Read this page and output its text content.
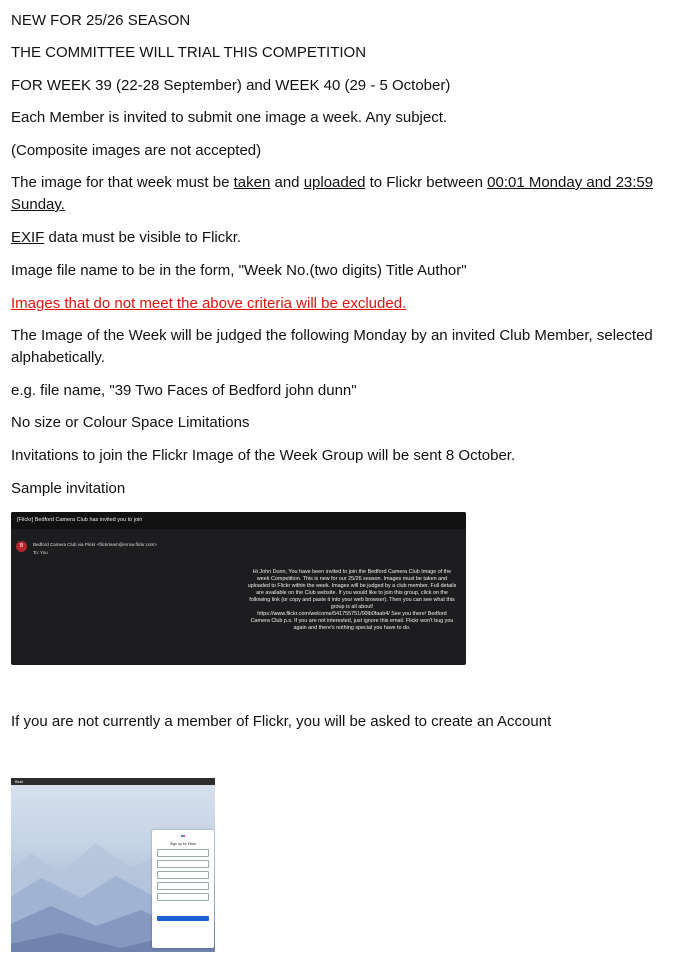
NEW FOR 25/26 SEASON

THE COMMITTEE WILL TRIAL THIS COMPETITION

FOR WEEK 39 (22-28 September) and WEEK 40 (29 - 5 October)

Each Member is invited to submit one image a week. Any subject.

(Composite images are not accepted)

The image for that week must be taken and uploaded to Flickr between 00:01 Monday and 23:59 Sunday.

EXIF data must be visible to Flickr.

Image file name to be in the form, "Week No.(two digits) Title Author"

Images that do not meet the above criteria will be excluded.

The Image of the Week will be judged the following Monday by an invited Club Member, selected alphabetically.

e.g. file name, "39 Two Faces of Bedford john dunn"

No size or Colour Space Limitations

Invitations to join the Flickr Image of the Week Group will be sent 8 October.

Sample invitation

If you are not currently a member of Flickr, you will be asked to create an Account

[Flickr] Bedford Camera Club has invited you to join
B	Bedford Camera Club via Flickr <flickrteam@errow.flickr.com>
To: You
Hi John Dunn, You have been invited to join the Bedford Camera Club Image of the week Competition. This is new for our 25/26 season. Images must be taken and uploaded to Flickr within the week. Images will be judged by a club member. Full details are available on the Club website. If you would like to join this group, click on the following link (or copy and paste it into your web browser). Then you can see what this group is all about!
https://www.flickr.com/welcome/541755751/00lb0faab4/ See you there! Bedford Camera Club p.s. If you are not interested, just ignore this email. Flickr won't bug you again and there's nothing special you have to do.
flickr
Sign up for Flickr
